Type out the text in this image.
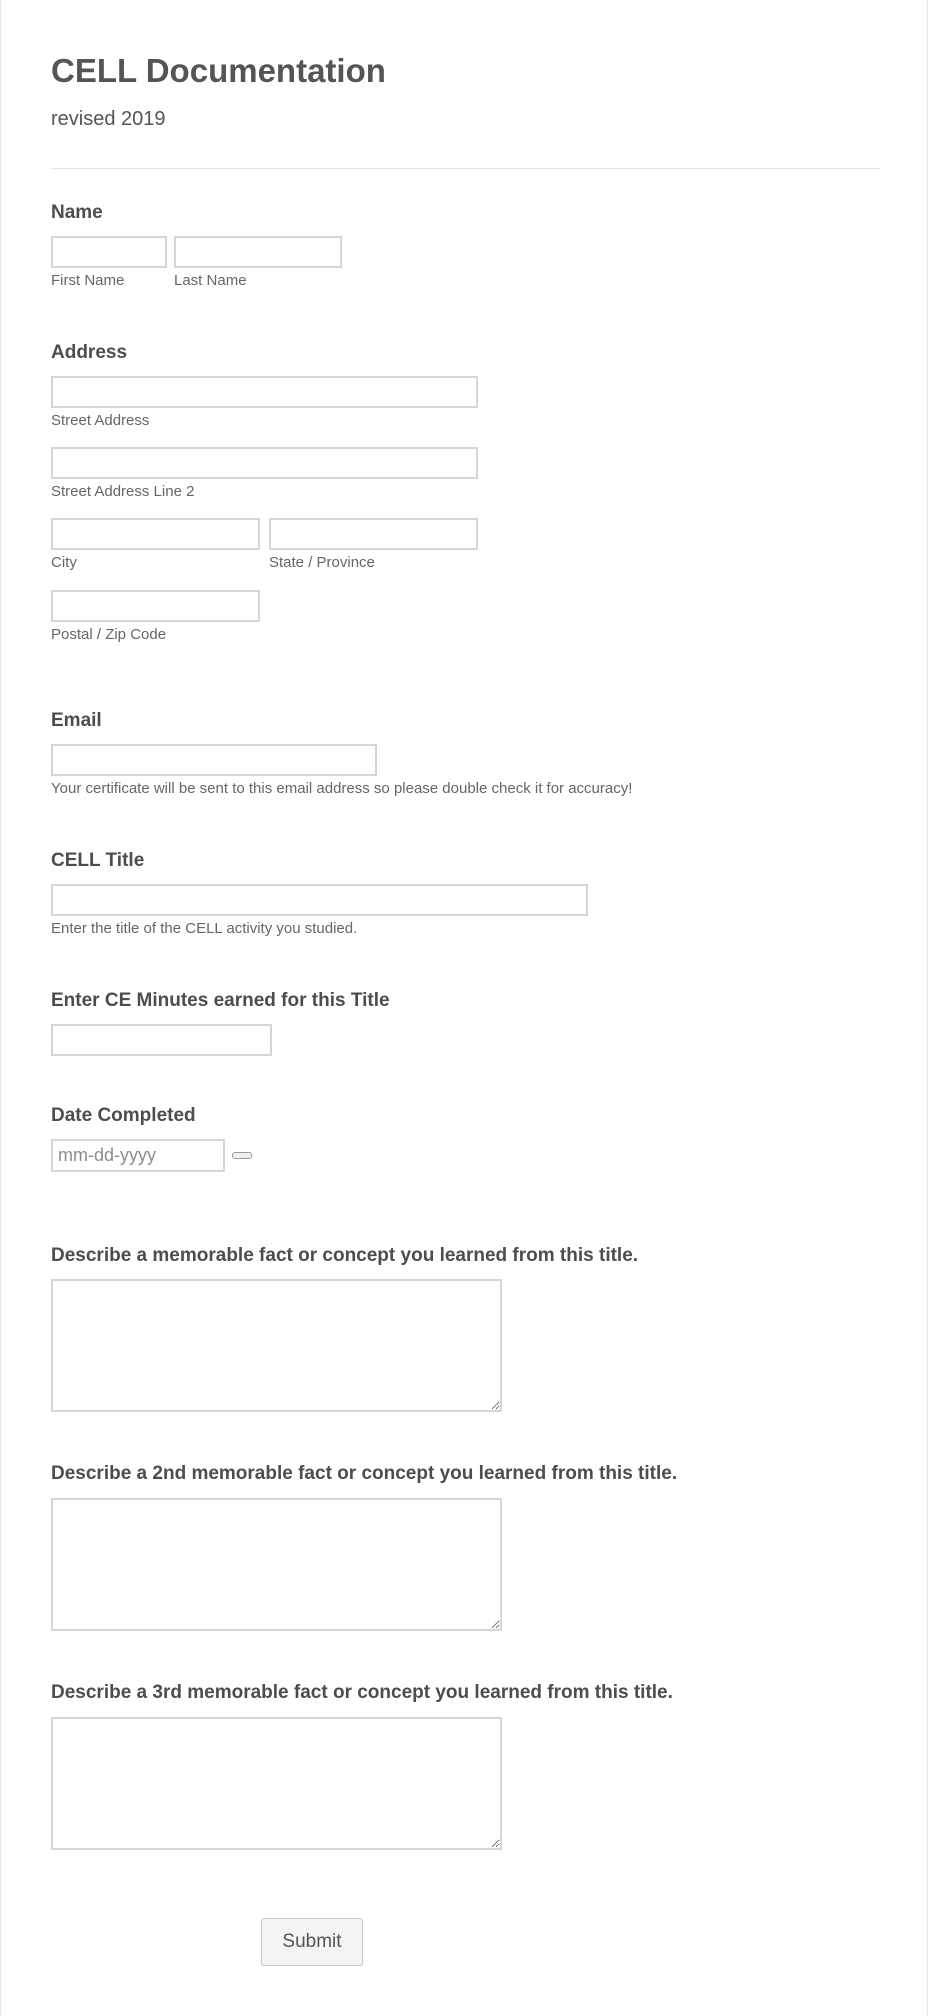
CELL Documentation
revised 2019
Name
First Name	Last Name
Address
Street Address
Street Address Line 2
City	State / Province
Postal / Zip Code
Email
Your certificate will be sent to this email address so please double check it for accuracy!
CELL Title
Enter the title of the CELL activity you studied.
Enter CE Minutes earned for this Title
Date Completed
mm-dd-yyyy
Describe a memorable fact or concept you learned from this title.
Describe a 2nd memorable fact or concept you learned from this title.
Describe a 3rd memorable fact or concept you learned from this title.
Submit
